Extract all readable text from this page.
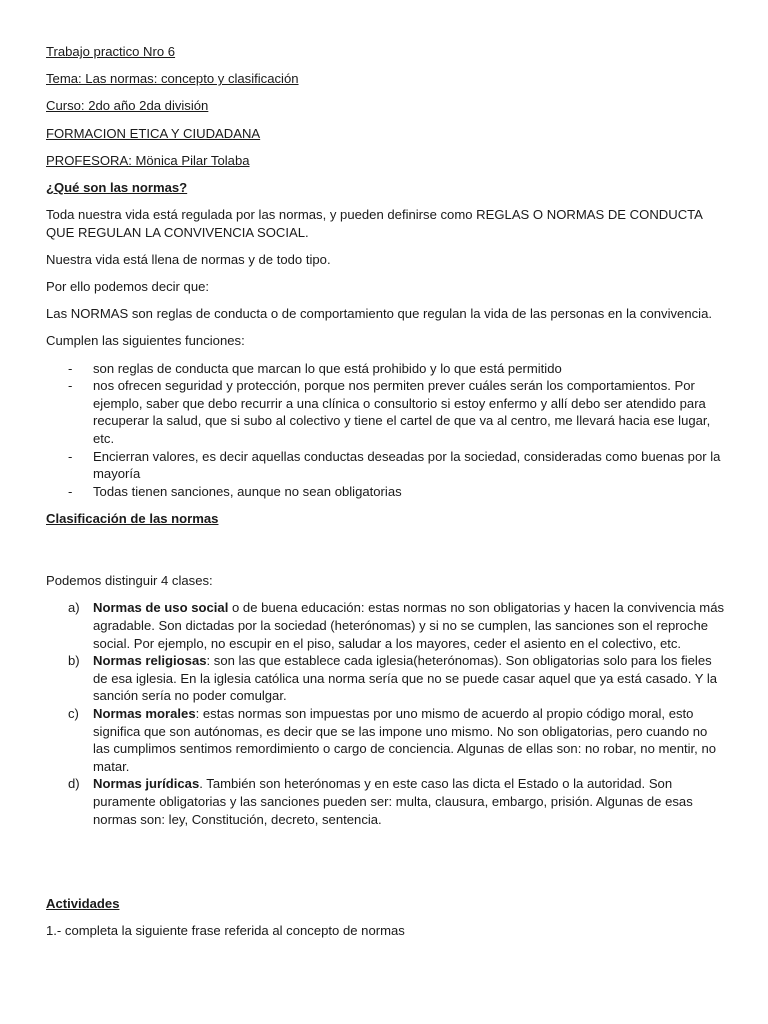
Trabajo practico Nro 6

Tema: Las normas: concepto y clasificación

Curso: 2do año 2da división

FORMACION ETICA Y CIUDADANA

PROFESORA: Mönica Pilar Tolaba

¿Qué son las normas?

Toda nuestra vida está regulada por las normas, y pueden definirse como REGLAS O NORMAS DE CONDUCTA QUE REGULAN LA CONVIVENCIA SOCIAL.

Nuestra vida está llena de normas y de todo tipo.

Por ello podemos decir que:

Las NORMAS son reglas de conducta o de comportamiento que regulan la vida de las personas en la convivencia.

Cumplen las siguientes funciones:

- son reglas de conducta que marcan lo que está prohibido y lo que está permitido
- nos ofrecen seguridad y protección, porque nos permiten prever cuáles serán los comportamientos. Por ejemplo, saber que debo recurrir a una clínica o consultorio si estoy enfermo y allí debo ser atendido para recuperar la salud, que si subo al colectivo y tiene el cartel de que va al centro, me llevará hacia ese lugar, etc.
- Encierran valores, es decir aquellas conductas deseadas por la sociedad, consideradas como buenas por la mayoría
- Todas tienen sanciones, aunque no sean obligatorias

Clasificación de las normas

Podemos distinguir 4 clases:

a) Normas de uso social o de buena educación: estas normas no son obligatorias y hacen la convivencia más agradable. Son dictadas por la sociedad (heterónomas) y si no se cumplen, las sanciones son el reproche social. Por ejemplo, no escupir en el piso, saludar a los mayores, ceder el asiento en el colectivo, etc.
b) Normas religiosas: son las que establece cada iglesia(heterónomas). Son obligatorias solo para los fieles de esa iglesia. En la iglesia católica una norma sería que no se puede casar aquel que ya está casado. Y la sanción sería no poder comulgar.
c) Normas morales: estas normas son impuestas por uno mismo de acuerdo al propio código moral, esto significa que son autónomas, es decir que se las impone uno mismo. No son obligatorias, pero cuando no las cumplimos sentimos remordimiento o cargo de conciencia. Algunas de ellas son: no robar, no mentir, no matar.
d) Normas jurídicas. También son heterónomas y en este caso las dicta el Estado o la autoridad. Son puramente obligatorias y las sanciones pueden ser: multa, clausura, embargo, prisión. Algunas de esas normas son: ley, Constitución, decreto, sentencia.

Actividades

1.- completa la siguiente frase referida al concepto de normas
